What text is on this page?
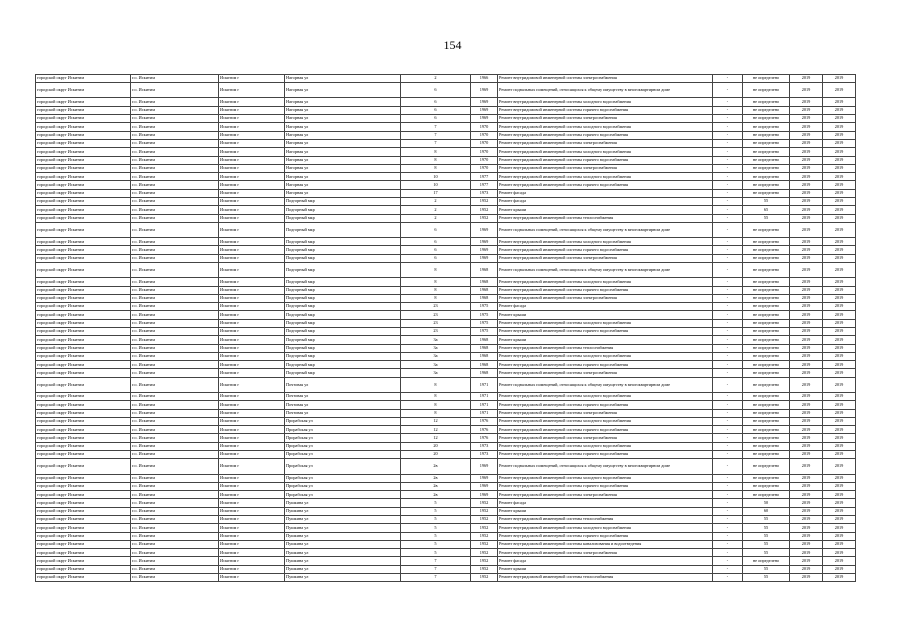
154
городской округ Искитим	г.о. Искитим	Искитим г	Нагорная ул	2	1966	Ремонт внутридомовой инженерной системы электроснабжения	-	не определено	2019	2019
городской округ Искитим	г.о. Искитим	Искитим г	Нагорная ул	6	1969	Ремонт подвальных помещений, относящихся к общему имуществу в многоквартирном доме	-	не определено	2019	2019
городской округ Искитим	г.о. Искитим	Искитим г	Нагорная ул	6	1969	Ремонт внутридомовой инженерной системы холодного водоснабжения	-	не определено	2019	2019
городской округ Искитим	г.о. Искитим	Искитим г	Нагорная ул	6	1969	Ремонт внутридомовой инженерной системы горячего водоснабжения	-	не определено	2019	2019
городской округ Искитим	г.о. Искитим	Искитим г	Нагорная ул	6	1969	Ремонт внутридомовой инженерной системы электроснабжения	-	не определено	2019	2019
городской округ Искитим	г.о. Искитим	Искитим г	Нагорная ул	7	1970	Ремонт внутридомовой инженерной системы холодного водоснабжения	-	не определено	2019	2019
городской округ Искитим	г.о. Искитим	Искитим г	Нагорная ул	7	1970	Ремонт внутридомовой инженерной системы горячего водоснабжения	-	не определено	2019	2019
городской округ Искитим	г.о. Искитим	Искитим г	Нагорная ул	7	1970	Ремонт внутридомовой инженерной системы электроснабжения	-	не определено	2019	2019
городской округ Искитим	г.о. Искитим	Искитим г	Нагорная ул	8	1970	Ремонт внутридомовой инженерной системы холодного водоснабжения	-	не определено	2019	2019
городской округ Искитим	г.о. Искитим	Искитим г	Нагорная ул	8	1970	Ремонт внутридомовой инженерной системы горячего водоснабжения	-	не определено	2019	2019
городской округ Искитим	г.о. Искитим	Искитим г	Нагорная ул	8	1970	Ремонт внутридомовой инженерной системы электроснабжения	-	не определено	2019	2019
городской округ Искитим	г.о. Искитим	Искитим г	Нагорная ул	10	1977	Ремонт внутридомовой инженерной системы холодного водоснабжения	-	не определено	2019	2019
городской округ Искитим	г.о. Искитим	Искитим г	Нагорная ул	10	1977	Ремонт внутридомовой инженерной системы горячего водоснабжения	-	не определено	2019	2019
городской округ Искитим	г.о. Искитим	Искитим г	Нагорная ул	17	1973	Ремонт фасада	-	не определено	2019	2019
городской округ Искитим	г.о. Искитим	Искитим г	Подгорный мкр	2	1952	Ремонт фасада	-	55	2019	2019
городской округ Искитим	г.о. Искитим	Искитим г	Подгорный мкр	2	1952	Ремонт крыши	-	65	2019	2019
городской округ Искитим	г.о. Искитим	Искитим г	Подгорный мкр	2	1952	Ремонт внутридомовой инженерной системы теплоснабжения	-	55	2019	2019
городской округ Искитим	г.о. Искитим	Искитим г	Подгорный мкр	6	1969	Ремонт подвальных помещений, относящихся к общему имуществу в многоквартирном доме	-	не определено	2019	2019
городской округ Искитим	г.о. Искитим	Искитим г	Подгорный мкр	6	1969	Ремонт внутридомовой инженерной системы холодного водоснабжения	-	не определено	2019	2019
городской округ Искитим	г.о. Искитим	Искитим г	Подгорный мкр	6	1969	Ремонт внутридомовой инженерной системы горячего водоснабжения	-	не определено	2019	2019
городской округ Искитим	г.о. Искитим	Искитим г	Подгорный мкр	6	1969	Ремонт внутридомовой инженерной системы электроснабжения	-	не определено	2019	2019
городской округ Искитим	г.о. Искитим	Искитим г	Подгорный мкр	8	1968	Ремонт подвальных помещений, относящихся к общему имуществу в многоквартирном доме	-	не определено	2019	2019
городской округ Искитим	г.о. Искитим	Искитим г	Подгорный мкр	8	1968	Ремонт внутридомовой инженерной системы холодного водоснабжения	-	не определено	2019	2019
городской округ Искитим	г.о. Искитим	Искитим г	Подгорный мкр	8	1968	Ремонт внутридомовой инженерной системы горячего водоснабжения	-	не определено	2019	2019
городской округ Искитим	г.о. Искитим	Искитим г	Подгорный мкр	8	1968	Ремонт внутридомовой инженерной системы электроснабжения	-	не определено	2019	2019
городской округ Искитим	г.о. Искитим	Искитим г	Подгорный мкр	23	1975	Ремонт фасада	-	не определено	2019	2019
городской округ Искитим	г.о. Искитим	Искитим г	Подгорный мкр	23	1975	Ремонт крыши	-	не определено	2019	2019
городской округ Искитим	г.о. Искитим	Искитим г	Подгорный мкр	23	1975	Ремонт внутридомовой инженерной системы холодного водоснабжения	-	не определено	2019	2019
городской округ Искитим	г.о. Искитим	Искитим г	Подгорный мкр	23	1975	Ремонт внутридомовой инженерной системы горячего водоснабжения	-	не определено	2019	2019
городской округ Искитим	г.о. Искитим	Искитим г	Подгорный мкр	3а	1968	Ремонт крыши	-	не определено	2019	2019
городской округ Искитим	г.о. Искитим	Искитим г	Подгорный мкр	3а	1968	Ремонт внутридомовой инженерной системы теплоснабжения	-	не определено	2019	2019
городской округ Искитим	г.о. Искитим	Искитим г	Подгорный мкр	3а	1968	Ремонт внутридомовой инженерной системы холодного водоснабжения	-	не определено	2019	2019
городской округ Искитим	г.о. Искитим	Искитим г	Подгорный мкр	3а	1968	Ремонт внутридомовой инженерной системы горячего водоснабжения	-	не определено	2019	2019
городской округ Искитим	г.о. Искитим	Искитим г	Подгорный мкр	3а	1968	Ремонт внутридомовой инженерной системы электроснабжения	-	не определено	2019	2019
городской округ Искитим	г.о. Искитим	Искитим г	Почтовая ул	8	1971	Ремонт подвальных помещений, относящихся к общему имуществу в многоквартирном доме	-	не определено	2019	2019
городской округ Искитим	г.о. Искитим	Искитим г	Почтовая ул	8	1971	Ремонт внутридомовой инженерной системы холодного водоснабжения	-	не определено	2019	2019
городской округ Искитим	г.о. Искитим	Искитим г	Почтовая ул	8	1971	Ремонт внутридомовой инженерной системы горячего водоснабжения	-	не определено	2019	2019
городской округ Искитим	г.о. Искитим	Искитим г	Почтовая ул	8	1971	Ремонт внутридомовой инженерной системы электроснабжения	-	не определено	2019	2019
городской округ Искитим	г.о. Искитим	Искитим г	Прорабская ул	12	1976	Ремонт внутридомовой инженерной системы холодного водоснабжения	-	не определено	2019	2019
городской округ Искитим	г.о. Искитим	Искитим г	Прорабская ул	12	1976	Ремонт внутридомовой инженерной системы горячего водоснабжения	-	не определено	2019	2019
городской округ Искитим	г.о. Искитим	Искитим г	Прорабская ул	12	1976	Ремонт внутридомовой инженерной системы электроснабжения	-	не определено	2019	2019
городской округ Искитим	г.о. Искитим	Искитим г	Прорабская ул	20	1973	Ремонт внутридомовой инженерной системы холодного водоснабжения	-	не определено	2019	2019
городской округ Искитим	г.о. Искитим	Искитим г	Прорабская ул	20	1973	Ремонт внутридомовой инженерной системы горячего водоснабжения	-	не определено	2019	2019
городской округ Искитим	г.о. Искитим	Искитим г	Прорабская ул	2в	1969	Ремонт подвальных помещений, относящихся к общему имуществу в многоквартирном доме	-	не определено	2019	2019
городской округ Искитим	г.о. Искитим	Искитим г	Прорабская ул	2в	1969	Ремонт внутридомовой инженерной системы холодного водоснабжения	-	не определено	2019	2019
городской округ Искитим	г.о. Искитим	Искитим г	Прорабская ул	2в	1969	Ремонт внутридомовой инженерной системы горячего водоснабжения	-	не определено	2019	2019
городской округ Искитим	г.о. Искитим	Искитим г	Прорабская ул	2в	1969	Ремонт внутридомовой инженерной системы электроснабжения	-	не определено	2019	2019
городской округ Искитим	г.о. Искитим	Искитим г	Пушкина ул	5	1952	Ремонт фасада	-	50	2019	2019
городской округ Искитим	г.о. Искитим	Искитим г	Пушкина ул	5	1952	Ремонт крыши	-	60	2019	2019
городской округ Искитим	г.о. Искитим	Искитим г	Пушкина ул	5	1952	Ремонт внутридомовой инженерной системы теплоснабжения	-	55	2019	2019
городской округ Искитим	г.о. Искитим	Искитим г	Пушкина ул	5	1952	Ремонт внутридомовой инженерной системы холодного водоснабжения	-	55	2019	2019
городской округ Искитим	г.о. Искитим	Искитим г	Пушкина ул	5	1952	Ремонт внутридомовой инженерной системы горячего водоснабжения	-	55	2019	2019
городской округ Искитим	г.о. Искитим	Искитим г	Пушкина ул	5	1952	Ремонт внутридомовой инженерной системы канализования и водоотведения	-	55	2019	2019
городской округ Искитим	г.о. Искитим	Искитим г	Пушкина ул	5	1952	Ремонт внутридомовой инженерной системы электроснабжения	-	55	2019	2019
городской округ Искитим	г.о. Искитим	Искитим г	Пушкина ул	7	1952	Ремонт фасада	-	не определено	2019	2019
городской округ Искитим	г.о. Искитим	Искитим г	Пушкина ул	7	1952	Ремонт крыши	-	55	2019	2019
городской округ Искитим	г.о. Искитим	Искитим г	Пушкина ул	7	1952	Ремонт внутридомовой инженерной системы теплоснабжения	-	55	2019	2019
